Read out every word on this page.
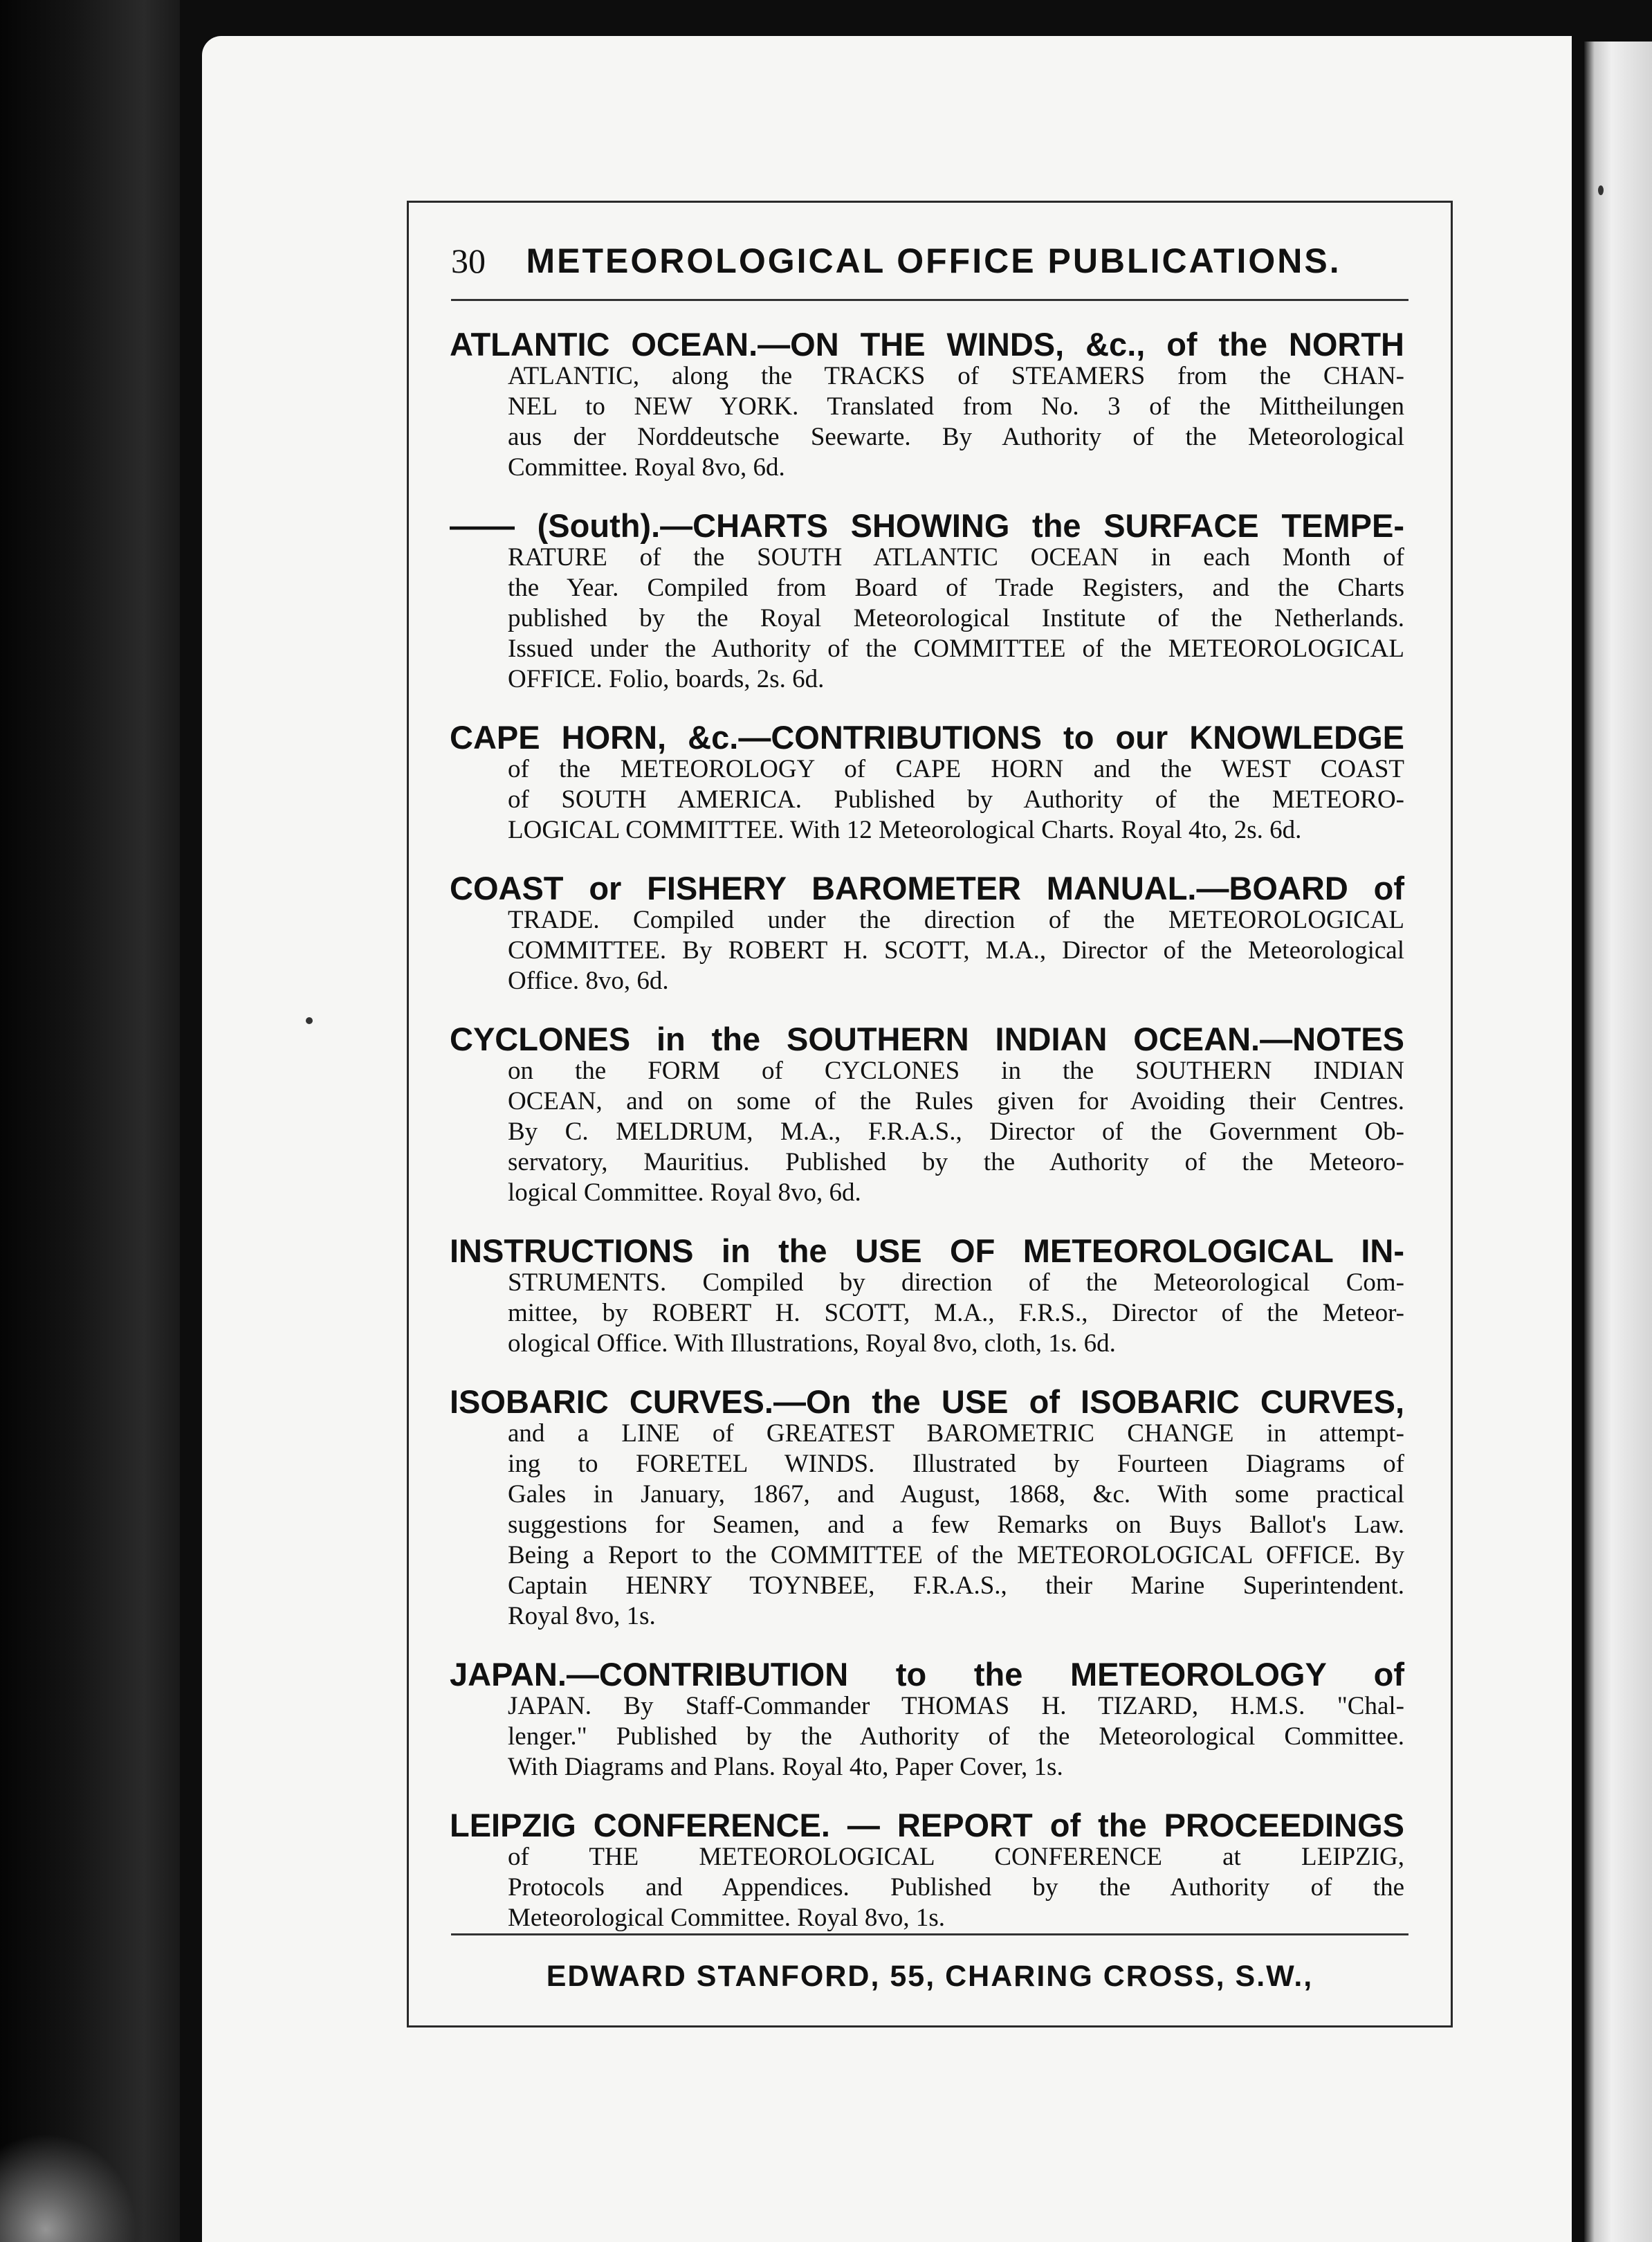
30 METEOROLOGICAL OFFICE PUBLICATIONS.
ATLANTIC OCEAN.—ON THE WINDS, &c., of the NORTH
ATLANTIC, along the TRACKS of STEAMERS from the CHAN-
NEL to NEW YORK. Translated from No. 3 of the Mittheilungen
aus der Norddeutsche Seewarte. By Authority of the Meteorological
Committee. Royal 8vo, 6d.
—— (South).—CHARTS SHOWING the SURFACE TEMPE-
RATURE of the SOUTH ATLANTIC OCEAN in each Month of
the Year. Compiled from Board of Trade Registers, and the Charts
published by the Royal Meteorological Institute of the Netherlands.
Issued under the Authority of the COMMITTEE of the METEOROLOGICAL
OFFICE. Folio, boards, 2s. 6d.
CAPE HORN, &c.—CONTRIBUTIONS to our KNOWLEDGE
of the METEOROLOGY of CAPE HORN and the WEST COAST
of SOUTH AMERICA. Published by Authority of the METEORO-
LOGICAL COMMITTEE. With 12 Meteorological Charts. Royal 4to, 2s. 6d.
COAST or FISHERY BAROMETER MANUAL.—BOARD of
TRADE. Compiled under the direction of the METEOROLOGICAL
COMMITTEE. By ROBERT H. SCOTT, M.A., Director of the Meteorological
Office. 8vo, 6d.
CYCLONES in the SOUTHERN INDIAN OCEAN.—NOTES
on the FORM of CYCLONES in the SOUTHERN INDIAN
OCEAN, and on some of the Rules given for Avoiding their Centres.
By C. MELDRUM, M.A., F.R.A.S., Director of the Government Ob-
servatory, Mauritius. Published by the Authority of the Meteoro-
logical Committee. Royal 8vo, 6d.
INSTRUCTIONS in the USE OF METEOROLOGICAL IN-
STRUMENTS. Compiled by direction of the Meteorological Com-
mittee, by ROBERT H. SCOTT, M.A., F.R.S., Director of the Meteor-
ological Office. With Illustrations, Royal 8vo, cloth, 1s. 6d.
ISOBARIC CURVES.—On the USE of ISOBARIC CURVES,
and a LINE of GREATEST BAROMETRIC CHANGE in attempt-
ing to FORETEL WINDS. Illustrated by Fourteen Diagrams of
Gales in January, 1867, and August, 1868, &c. With some practical
suggestions for Seamen, and a few Remarks on Buys Ballot's Law.
Being a Report to the COMMITTEE of the METEOROLOGICAL OFFICE. By
Captain HENRY TOYNBEE, F.R.A.S., their Marine Superintendent.
Royal 8vo, 1s.
JAPAN.—CONTRIBUTION to the METEOROLOGY of
JAPAN. By Staff-Commander THOMAS H. TIZARD, H.M.S. "Chal-
lenger." Published by the Authority of the Meteorological Committee.
With Diagrams and Plans. Royal 4to, Paper Cover, 1s.
LEIPZIG CONFERENCE. — REPORT of the PROCEEDINGS
of THE METEOROLOGICAL CONFERENCE at LEIPZIG,
Protocols and Appendices. Published by the Authority of the
Meteorological Committee. Royal 8vo, 1s.
EDWARD STANFORD, 55, CHARING CROSS, S.W.,
